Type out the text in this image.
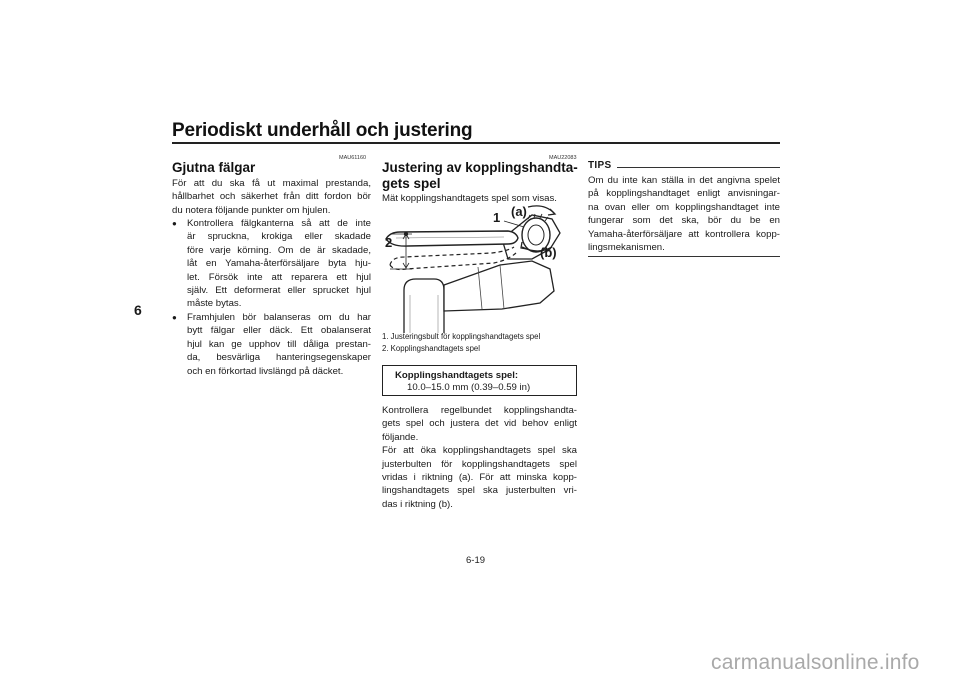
Periodiskt underhåll och justering
6
MAU61160
Gjutna fälgar
För att du ska få ut maximal prestanda,
hållbarhet och säkerhet från ditt fordon bör
du notera följande punkter om hjulen.
● Kontrollera fälgkanterna så att de inte
är spruckna, krokiga eller skadade
före varje körning. Om de är skadade,
låt en Yamaha-återförsäljare byta hju-
let. Försök inte att reparera ett hjul
själv. Ett deformerat eller sprucket hjul
måste bytas.
● Framhjulen bör balanseras om du har
bytt fälgar eller däck. Ett obalanserat
hjul kan ge upphov till dåliga prestan-
da, besvärliga hanteringsegenskaper
och en förkortad livslängd på däcket.
MAU22083
Justering av kopplingshandta-
gets spel
Mät kopplingshandtagets spel som visas.
1
2
(a)
(b)
1. Justeringsbult för kopplingshandtagets spel
2. Kopplingshandtagets spel
Kopplingshandtagets spel:
10.0–15.0 mm (0.39–0.59 in)
Kontrollera regelbundet kopplingshandta-
gets spel och justera det vid behov enligt
följande.
För att öka kopplingshandtagets spel ska
justerbulten för kopplingshandtagets spel
vridas i riktning (a). För att minska kopp-
lingshandtagets spel ska justerbulten vri-
das i riktning (b).
TIPS
Om du inte kan ställa in det angivna spelet
på kopplingshandtaget enligt anvisningar-
na ovan eller om kopplingshandtaget inte
fungerar som det ska, bör du be en
Yamaha-återförsäljare att kontrollera kopp-
lingsmekanismen.
6-19
carmanualsonline.info
